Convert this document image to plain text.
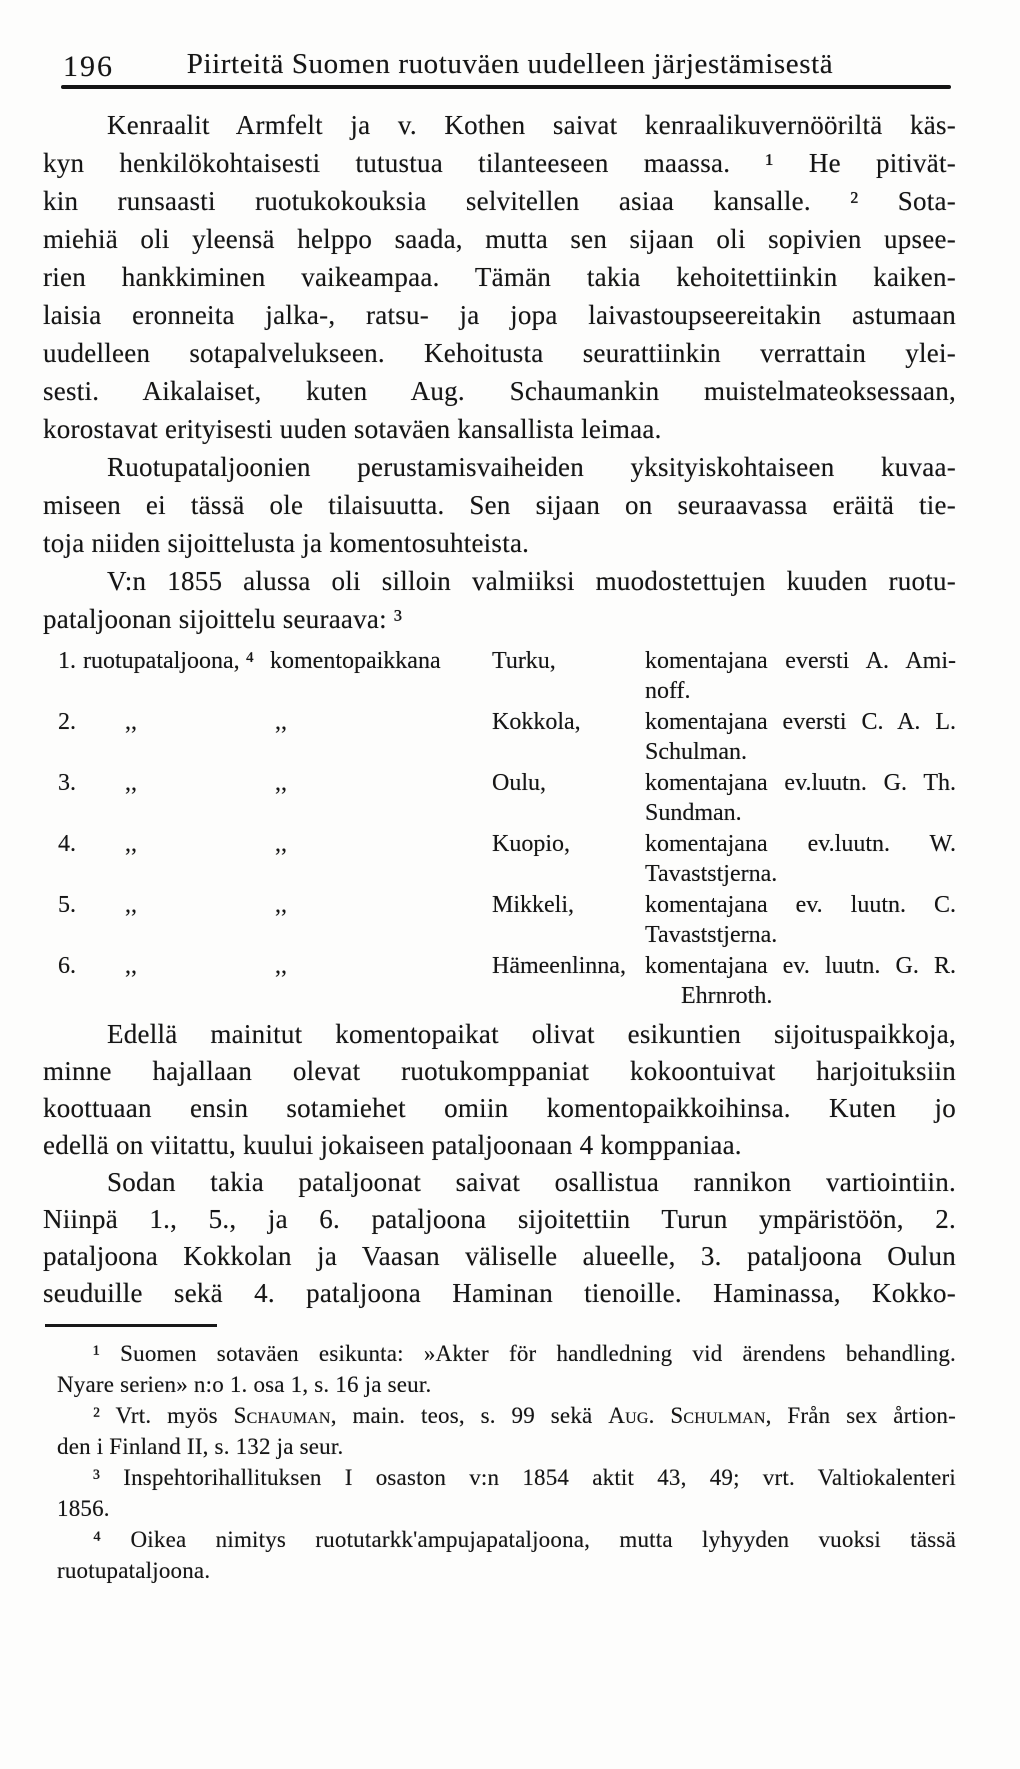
196	Piirteitä Suomen ruotuväen uudelleen järjestämisestä
Kenraalit Armfelt ja v. Kothen saivat kenraalikuvernööriltä käs-
kyn henkilökohtaisesti tutustua tilanteeseen maassa. ¹ He pitivät-
kin runsaasti ruotukokouksia selvitellen asiaa kansalle. ² Sota-
miehiä oli yleensä helppo saada, mutta sen sijaan oli sopivien upsee-
rien hankkiminen vaikeampaa. Tämän takia kehoitettiinkin kaiken-
laisia eronneita jalka-, ratsu- ja jopa laivastoupseereitakin astumaan
uudelleen sotapalvelukseen. Kehoitusta seurattiinkin verrattain ylei-
sesti. Aikalaiset, kuten Aug. Schaumankin muistelmateoksessaan,
korostavat erityisesti uuden sotaväen kansallista leimaa.
Ruotupataljoonien perustamisvaiheiden yksityiskohtaiseen kuvaa-
miseen ei tässä ole tilaisuutta. Sen sijaan on seuraavassa eräitä tie-
toja niiden sijoittelusta ja komentosuhteista.
V:n 1855 alussa oli silloin valmiiksi muodostettujen kuuden ruotu-
pataljoonan sijoittelu seuraava: ³
1. ruotupataljoona, ⁴ komentopaikkana	Turku,	komentajana eversti A. Ami-
noff.
2.	,,	,,	Kokkola,	komentajana eversti C. A. L.
Schulman.
3.	,,	,,	Oulu,	komentajana ev.luutn. G. Th.
Sundman.
4.	,,	,,	Kuopio,	komentajana ev.luutn. W.
Tavaststjerna.
5.	,,	,,	Mikkeli,	komentajana ev. luutn. C.
Tavaststjerna.
6.	,,	,,	Hämeenlinna, komentajana ev. luutn. G. R.
Ehrnroth.
Edellä mainitut komentopaikat olivat esikuntien sijoituspaikkoja,
minne hajallaan olevat ruotukomppaniat kokoontuivat harjoituksiin
koottuaan ensin sotamiehet omiin komentopaikkoihinsa. Kuten jo
edellä on viitattu, kuului jokaiseen pataljoonaan 4 komppaniaa.
Sodan takia pataljoonat saivat osallistua rannikon vartiointiin.
Niinpä 1., 5., ja 6. pataljoona sijoitettiin Turun ympäristöön, 2.
pataljoona Kokkolan ja Vaasan väliselle alueelle, 3. pataljoona Oulun
seuduille sekä 4. pataljoona Haminan tienoille. Haminassa, Kokko-
¹ Suomen sotaväen esikunta: »Akter för handledning vid ärendens behandling.
Nyare serien» n:o 1. osa 1, s. 16 ja seur.
² Vrt. myös Schauman, main. teos, s. 99 sekä Aug. Schulman, Från sex årtion-
den i Finland II, s. 132 ja seur.
³ Inspehtorihallituksen I osaston v:n 1854 aktit 43, 49; vrt. Valtiokalenteri
1856.
⁴ Oikea nimitys ruotutarkk'ampujapataljoona, mutta lyhyyden vuoksi tässä
ruotupataljoona.
